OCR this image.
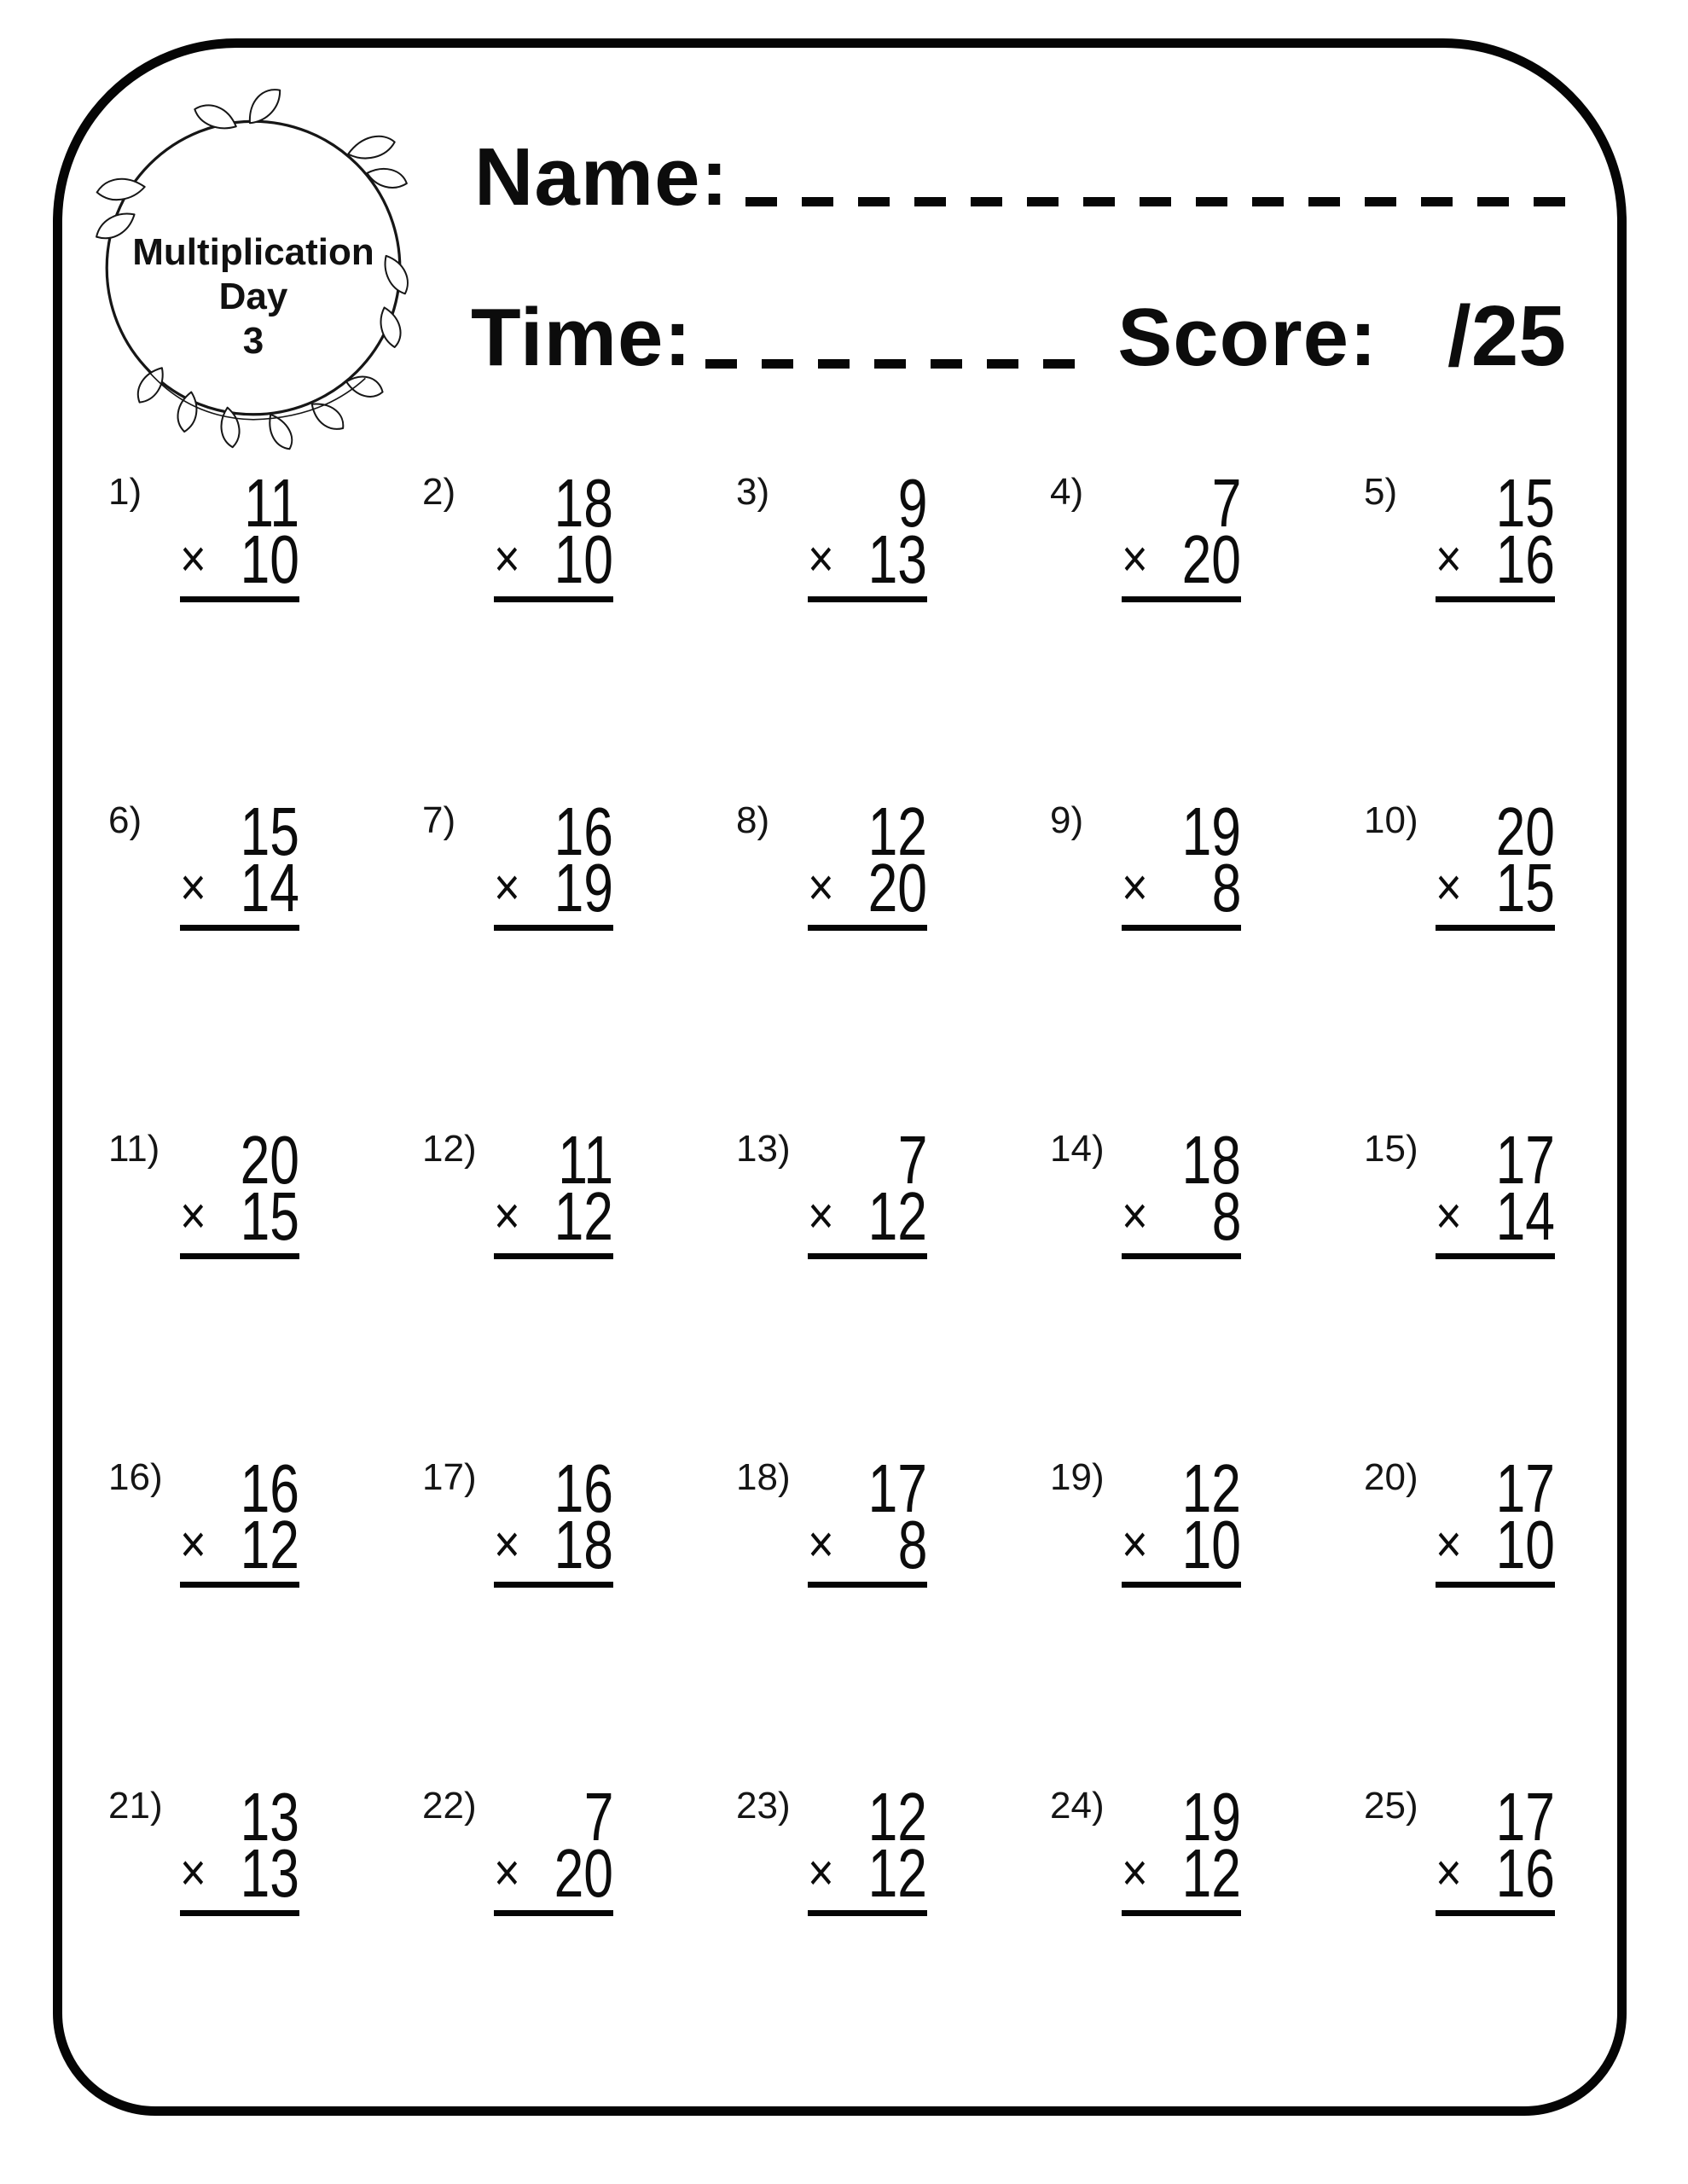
Multiplication
Day
3
Name:
Time:	Score: /25
1) 11
× 10
2) 18
× 10
3) 9
× 13
4) 7
× 20
5) 15
× 16
6) 15
× 14
7) 16
× 19
8) 12
× 20
9) 19
× 8
10) 20
× 15
11) 20
× 15
12) 11
× 12
13) 7
× 12
14) 18
× 8
15) 17
× 14
16) 16
× 12
17) 16
× 18
18) 17
× 8
19) 12
× 10
20) 17
× 10
21) 13
× 13
22) 7
× 20
23) 12
× 12
24) 19
× 12
25) 17
× 16
